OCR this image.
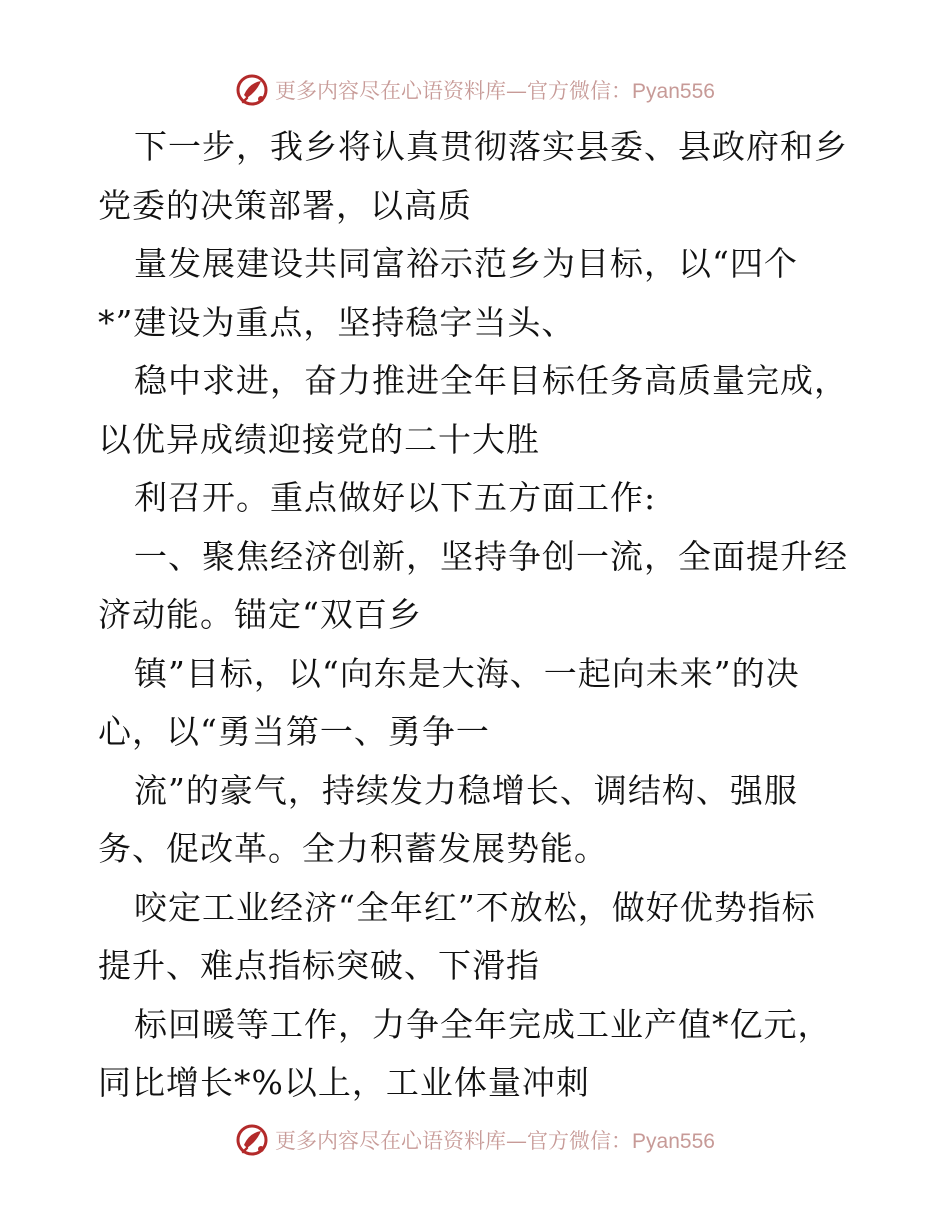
更多内容尽在心语资料库—官方微信：Pyan556
下一步，我乡将认真贯彻落实县委、县政府和乡
党委的决策部署，以高质
量发展建设共同富裕示范乡为目标，以“四个
*”建设为重点，坚持稳字当头、
稳中求进，奋力推进全年目标任务高质量完成，
以优异成绩迎接党的二十大胜
利召开。重点做好以下五方面工作:
一、聚焦经济创新，坚持争创一流，全面提升经
济动能。锚定“双百乡
镇”目标，以“向东是大海、一起向未来”的决
心，以“勇当第一、勇争一
流”的豪气，持续发力稳增长、调结构、强服
务、促改革。全力积蓄发展势能。
咬定工业经济“全年红”不放松，做好优势指标
提升、难点指标突破、下滑指
标回暖等工作，力争全年完成工业产值*亿元，
同比增长*%以上，工业体量冲刺
更多内容尽在心语资料库—官方微信：Pyan556
